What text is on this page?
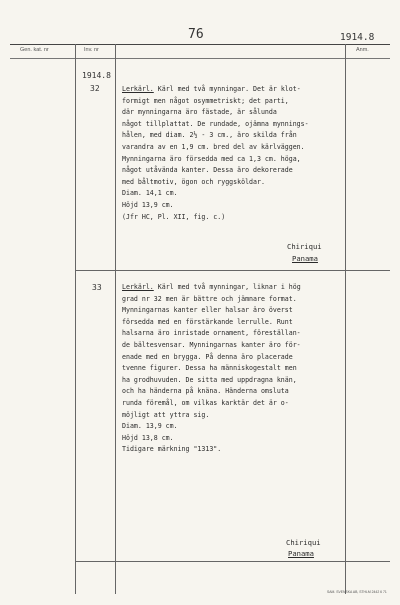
76	1914.8
Gen. kat. nr	Inv. nr	Anm.
1914.8
32	Lerkärl. Kärl med två mynningar. Det är klot-
formigt men något osymmetriskt; det parti,
där mynningarna äro fästade, är sålunda
något tillplattat. De rundade, ojämna mynnings-
hålen, med diam. 2½ - 3 cm., äro skilda från
varandra av en 1,9 cm. bred del av kärlväggen.
Mynningarna äro försedda med ca 1,3 cm. höga,
något utåvända kanter. Dessa äro dekorerade
med båltmotiv, ögon och ryggsköldar.
Diam. 14,1 cm.
Höjd 13,9 cm.
(Jfr HC, Pl. XII, fig. c.)
Chiriqui
Panama
33	Lerkärl. Kärl med två mynningar, liknar i hög
grad nr 32 men är bättre och jämnare format.
Mynningarnas kanter eller halsar äro överst
försedda med en förstärkande lerrulle. Runt
halsarna äro inristade ornament, föreställan-
de bältesvensar. Mynningarnas kanter äro för-
enade med en brygga. På denna äro placerade
tvenne figurer. Dessa ha människogestalt men
ha grodhuvuden. De sitta med uppdragna knän,
och ha händerna på knäna. Händerna omsluta
runda föremål, om vilkas karktär det är o-
möjligt att yttra sig.
Diam. 13,9 cm.
Höjd 13,8 cm.
Tidigare märkning "1313".
Chiriqui
Panama
SAM. SVENSKA AB, STHLM 2442 6 71
